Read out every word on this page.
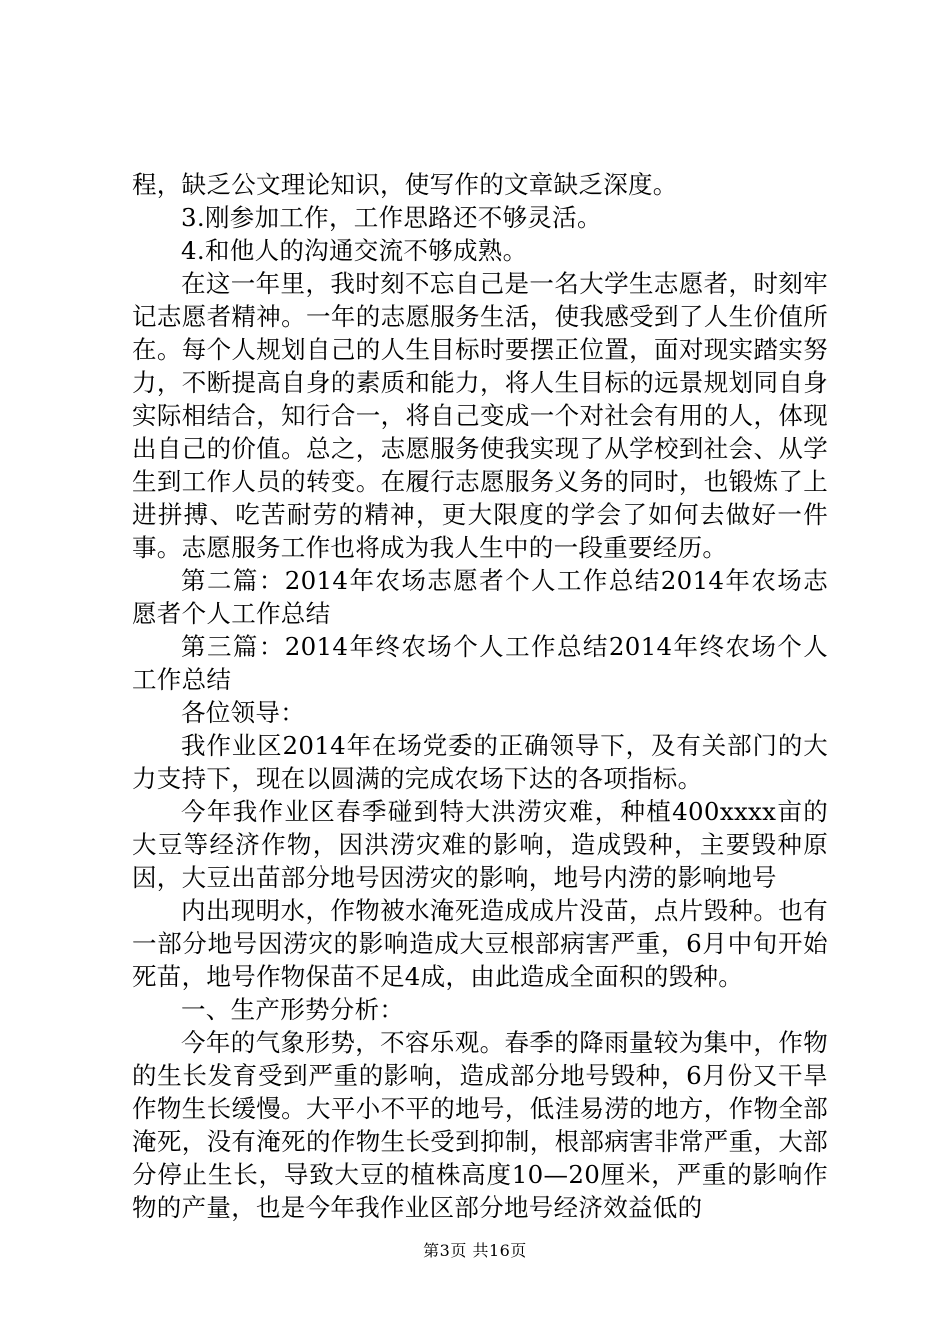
程，缺乏公文理论知识，使写作的文章缺乏深度。

3.刚参加工作，工作思路还不够灵活。

4.和他人的沟通交流不够成熟。

在这一年里，我时刻不忘自己是一名大学生志愿者，时刻牢记志愿者精神。一年的志愿服务生活，使我感受到了人生价值所在。每个人规划自己的人生目标时要摆正位置，面对现实踏实努力，不断提高自身的素质和能力，将人生目标的远景规划同自身实际相结合，知行合一，将自己变成一个对社会有用的人，体现出自己的价值。总之，志愿服务使我实现了从学校到社会、从学生到工作人员的转变。在履行志愿服务义务的同时，也锻炼了上进拼搏、吃苦耐劳的精神，更大限度的学会了如何去做好一件事。志愿服务工作也将成为我人生中的一段重要经历。

第二篇：2014年农场志愿者个人工作总结2014年农场志愿者个人工作总结

第三篇：2014年终农场个人工作总结2014年终农场个人工作总结

各位领导：

我作业区2014年在场党委的正确领导下，及有关部门的大力支持下，现在以圆满的完成农场下达的各项指标。

今年我作业区春季碰到特大洪涝灾难，种植400xxxx亩的大豆等经济作物，因洪涝灾难的影响，造成毁种，主要毁种原因，大豆出苗部分地号因涝灾的影响，地号内涝的影响地号

内出现明水，作物被水淹死造成成片没苗，点片毁种。也有一部分地号因涝灾的影响造成大豆根部病害严重，6月中旬开始死苗，地号作物保苗不足4成，由此造成全面积的毁种。

一、生产形势分析：

今年的气象形势，不容乐观。春季的降雨量较为集中，作物的生长发育受到严重的影响，造成部分地号毁种，6月份又干旱作物生长缓慢。大平小不平的地号，低洼易涝的地方，作物全部淹死，没有淹死的作物生长受到抑制，根部病害非常严重，大部分停止生长，导致大豆的植株高度10—20厘米，严重的影响作物的产量，也是今年我作业区部分地号经济效益低的

第3页 共16页
